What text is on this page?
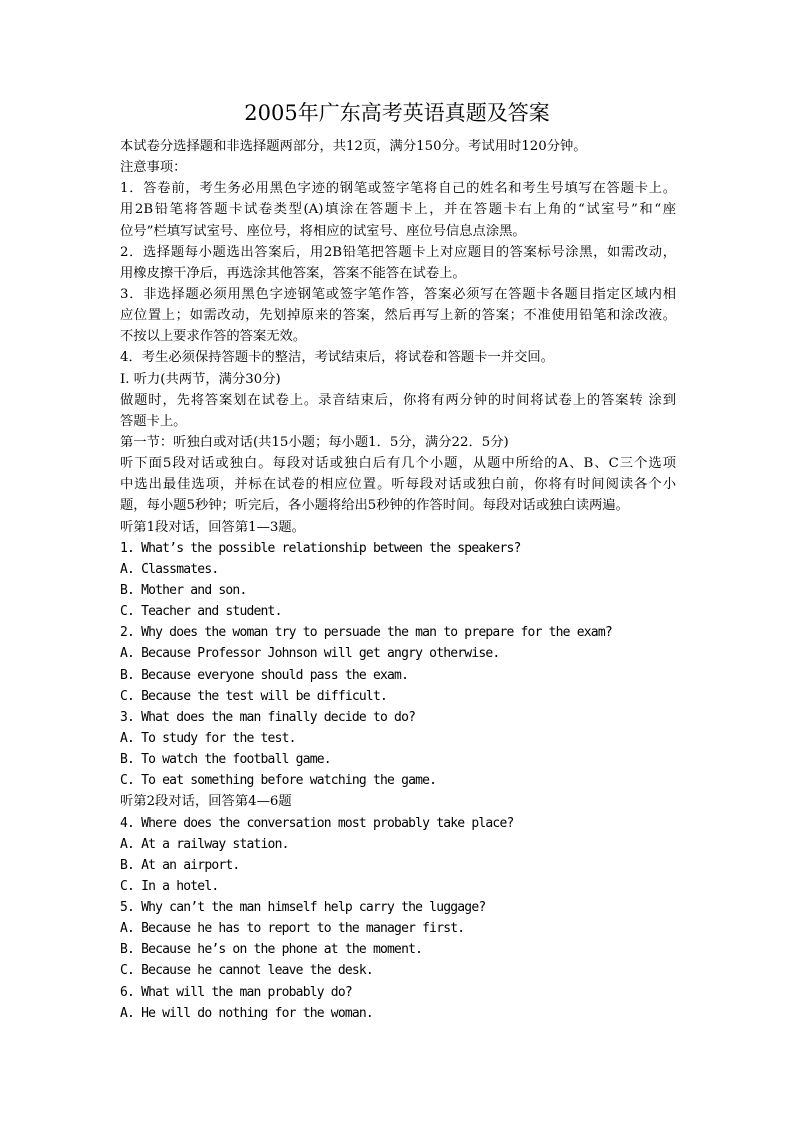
2005年广东高考英语真题及答案
本试卷分选择题和非选择题两部分，共12页，满分150分。考试用时120分钟。
注意事项：
1．答卷前，考生务必用黑色字迹的钢笔或签字笔将自己的姓名和考生号填写在答题卡上。
用2B铅笔将答题卡试卷类型(A)填涂在答题卡上，并在答题卡右上角的“试室号”和“座
位号”栏填写试室号、座位号，将相应的试室号、座位号信息点涂黑。
2．选择题每小题选出答案后，用2B铅笔把答题卡上对应题目的答案标号涂黑，如需改动，
用橡皮擦干净后，再选涂其他答案，答案不能答在试卷上。
3．非选择题必须用黑色字迹钢笔或签字笔作答，答案必须写在答题卡各题目指定区域内相
应位置上；如需改动，先划掉原来的答案，然后再写上新的答案；不准使用铅笔和涂改液。
不按以上要求作答的答案无效。
4．考生必须保持答题卡的整洁，考试结束后，将试卷和答题卡一并交回。
I. 听力(共两节，满分30分)
做题时，先将答案划在试卷上。录音结束后，你将有两分钟的时间将试卷上的答案转 涂到
答题卡上。
第一节：听独白或对话(共15小题；每小题1．5分，满分22．5分)
听下面5段对话或独白。每段对话或独白后有几个小题，从题中所给的A、B、C三个选项
中选出最佳选项，并标在试卷的相应位置。听每段对话或独白前，你将有时间阅读各个小
题，每小题5秒钟；听完后，各小题将给出5秒钟的作答时间。每段对话或独白读两遍。
听第1段对话，回答第1—3题。
1. What’s the possible relationship between the speakers?
A. Classmates.
B. Mother and son.
C. Teacher and student.
2. Why does the woman try to persuade the man to prepare for the exam?
A. Because Professor Johnson will get angry otherwise.
B. Because everyone should pass the exam.
C. Because the test will be difficult.
3. What does the man finally decide to do?
A. To study for the test.
B. To watch the football game.
C. To eat something before watching the game.
听第2段对话，回答第4—6题
4. Where does the conversation most probably take place?
A. At a railway station.
B. At an airport.
C. In a hotel.
5. Why can’t the man himself help carry the luggage?
A. Because he has to report to the manager first.
B. Because he’s on the phone at the moment.
C. Because he cannot leave the desk.
6. What will the man probably do?
A. He will do nothing for the woman.
